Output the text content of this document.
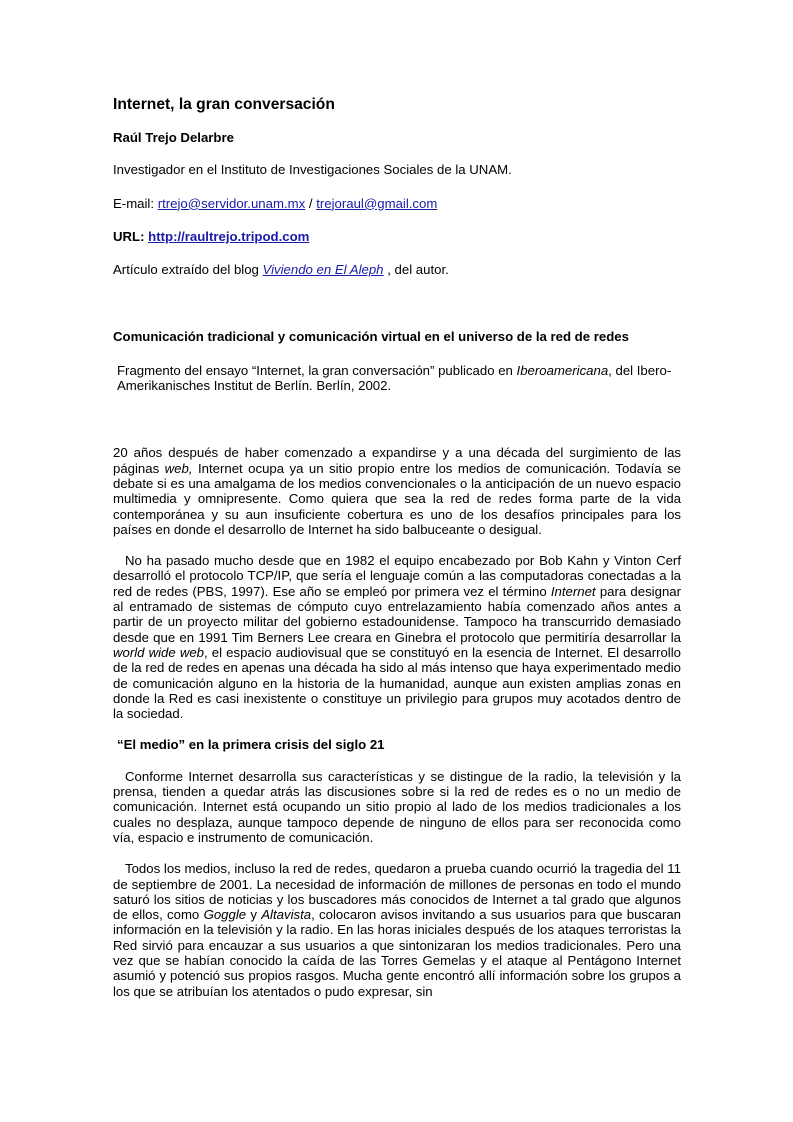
Internet, la gran conversación
Raúl Trejo Delarbre
Investigador en el Instituto de Investigaciones Sociales de la UNAM.
E-mail: rtrejo@servidor.unam.mx / trejoraul@gmail.com
URL: http://raultrejo.tripod.com
Artículo extraído del blog Viviendo en El Aleph , del autor.
Comunicación tradicional y comunicación virtual en el universo de la red de redes
Fragmento del ensayo “Internet, la gran conversación” publicado en Iberoamericana, del Ibero-Amerikanisches Institut de Berlín. Berlín, 2002.
20 años después de haber comenzado a expandirse y a una década del surgimiento de las páginas web, Internet ocupa ya un sitio propio entre los medios de comunicación. Todavía se debate si es una amalgama de los medios convencionales o la anticipación de un nuevo espacio multimedia y omnipresente. Como quiera que sea la red de redes forma parte de la vida contemporánea y su aun insuficiente cobertura es uno de los desafíos principales para los países en donde el desarrollo de Internet ha sido balbuceante o desigual.
No ha pasado mucho desde que en 1982 el equipo encabezado por Bob Kahn y Vinton Cerf desarrolló el protocolo TCP/IP, que sería el lenguaje común a las computadoras conectadas a la red de redes (PBS, 1997). Ese año se empleó por primera vez el término Internet para designar al entramado de sistemas de cómputo cuyo entrelazamiento había comenzado años antes a partir de un proyecto militar del gobierno estadounidense. Tampoco ha transcurrido demasiado desde que en 1991 Tim Berners Lee creara en Ginebra el protocolo que permitiría desarrollar la world wide web, el espacio audiovisual que se constituyó en la esencia de Internet. El desarrollo de la red de redes en apenas una década ha sido al más intenso que haya experimentado medio de comunicación alguno en la historia de la humanidad, aunque aun existen amplias zonas en donde la Red es casi inexistente o constituye un privilegio para grupos muy acotados dentro de la sociedad.
“El medio” en la primera crisis del siglo 21
Conforme Internet desarrolla sus características y se distingue de la radio, la televisión y la prensa, tienden a quedar atrás las discusiones sobre si la red de redes es o no un medio de comunicación. Internet está ocupando un sitio propio al lado de los medios tradicionales a los cuales no desplaza, aunque tampoco depende de ninguno de ellos para ser reconocida como vía, espacio e instrumento de comunicación.
Todos los medios, incluso la red de redes, quedaron a prueba cuando ocurrió la tragedia del 11 de septiembre de 2001. La necesidad de información de millones de personas en todo el mundo saturó los sitios de noticias y los buscadores más conocidos de Internet a tal grado que algunos de ellos, como Goggle y Altavista, colocaron avisos invitando a sus usuarios para que buscaran información en la televisión y la radio. En las horas iniciales después de los ataques terroristas la Red sirvió para encauzar a sus usuarios a que sintonizaran los medios tradicionales. Pero una vez que se habían conocido la caída de las Torres Gemelas y el ataque al Pentágono Internet asumió y potenció sus propios rasgos. Mucha gente encontró allí información sobre los grupos a los que se atribuían los atentados o pudo expresar, sin
